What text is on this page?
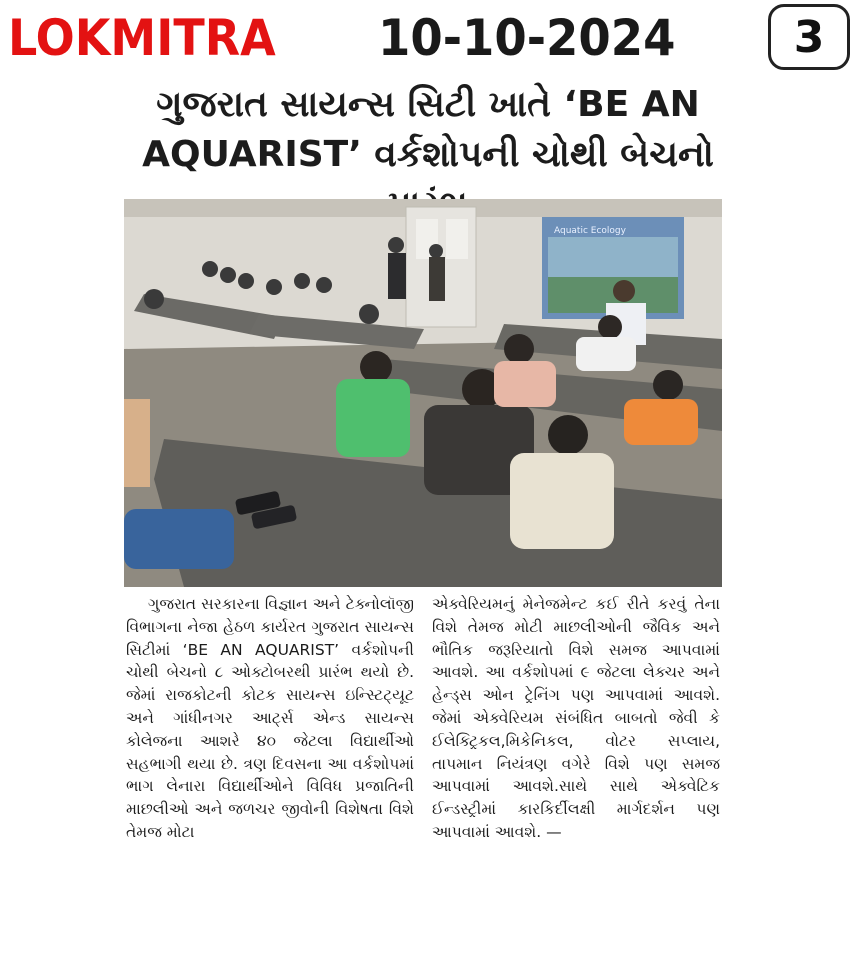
LOKMITRA 10-10-2024	3
ગુજરાત સાયન્સ સિટી ખાતે ‘BE AN AQUARIST’ વર્કશોપની ચોથી બેચનો
Aquatic Ecology
ગુજરાત સરકારના વિજ્ઞાન અને ટેક્નોલૉજી વિભાગના નેજા હેઠળ કાર્યરત ગુજરાત સાયન્સ સિટીમાં ‘BE AN AQUARIST’ વર્કશોપની ચોથી બેચનો ૮ ઓક્ટોબરથી પ્રારંભ થયો છે. જેમાં રાજકોટની કોટક સાયન્સ ઇન્સ્ટિટ્યૂટ અને ગાંધીનગર આર્ટ્સ એન્ડ સાયન્સ કોલેજના આશરે ૪૦ જેટલા વિદ્યાર્થીઓ સહભાગી થયા છે. ત્રણ દિવસના આ વર્કશોપમાં ભાગ લેનારા વિદ્યાર્થીઓને વિવિધ પ્રજાતિની માછલીઓ અને જળચર જીવોની વિશેષતા વિશે તેમજ મોટા
એક્વેરિયમનું મેનેજમેન્ટ કઈ રીતે કરવું તેના વિશે તેમજ મોટી માછલીઓની જૈવિક અને ભૌતિક જરૂરિયાતો વિશે સમજ આપવામાં આવશે. આ વર્કશોપમાં ૯ જેટલા લેક્ચર અને હેન્ડ્સ ઓન ટ્રેનિંગ પણ આપવામાં આવશે. જેમાં એક્વેરિયમ સંબંધિત બાબતો જેવી કે ઈલેક્ટ્રિકલ,મિકેનિકલ, વોટર સપ્લાય, તાપમાન નિયંત્રણ વગેરે વિશે પણ સમજ આપવામાં આવશે.સાથે સાથે એક્વેટિક ઈન્ડસ્ટ્રીમાં કારકિર્દીલક્ષી માર્ગદર્શન પણ આપવામાં આવશે. —
